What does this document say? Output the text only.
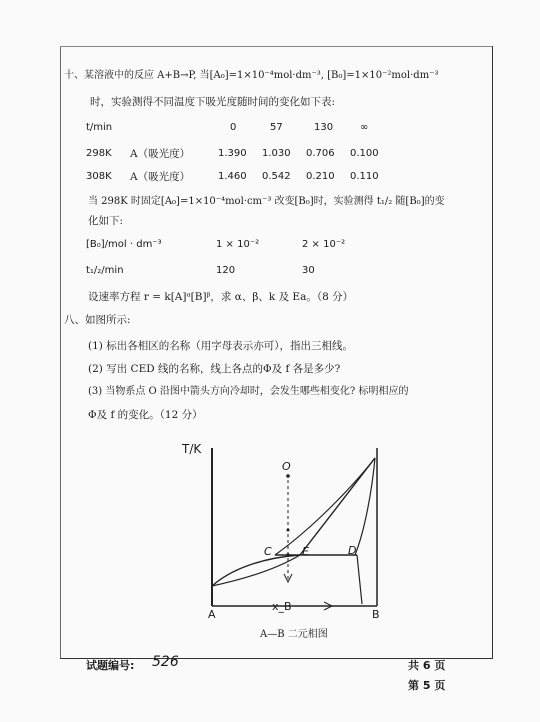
十、某溶液中的反应 A+B→P, 当[A₀]=1×10⁻⁴mol·dm⁻³, [B₀]=1×10⁻²mol·dm⁻³
时，实验测得不同温度下吸光度随时间的变化如下表:
t/min	0	57	130	∞
298K A（吸光度）	1.390 1.030 0.706 0.100
308K A（吸光度）	1.460 0.542 0.210 0.110
当 298K 时固定[A₀]=1×10⁻⁴mol·cm⁻³ 改变[B₀]时，实验测得 t₁/₂ 随[B₀]的变
化如下:
[B₀]/mol · dm⁻³	1 × 10⁻²	2 × 10⁻²
t₁/₂/min	120	30
设速率方程 r = k[A]ᵅ[B]ᵝ，求 α、β、k 及 Ea。（8 分）
八、如图所示:
(1) 标出各相区的名称（用字母表示亦可），指出三相线。
(2) 写出 CED 线的名称，线上各点的Φ及 f 各是多少?
(3) 当物系点 O 沿图中箭头方向冷却时，会发生哪些相变化? 标明相应的
Φ及 f 的变化。（12 分）
T/K
O
C	E	D
A	B
x_B
A—B 二元相图
试题编号: 526	共 6 页
第 5 页
